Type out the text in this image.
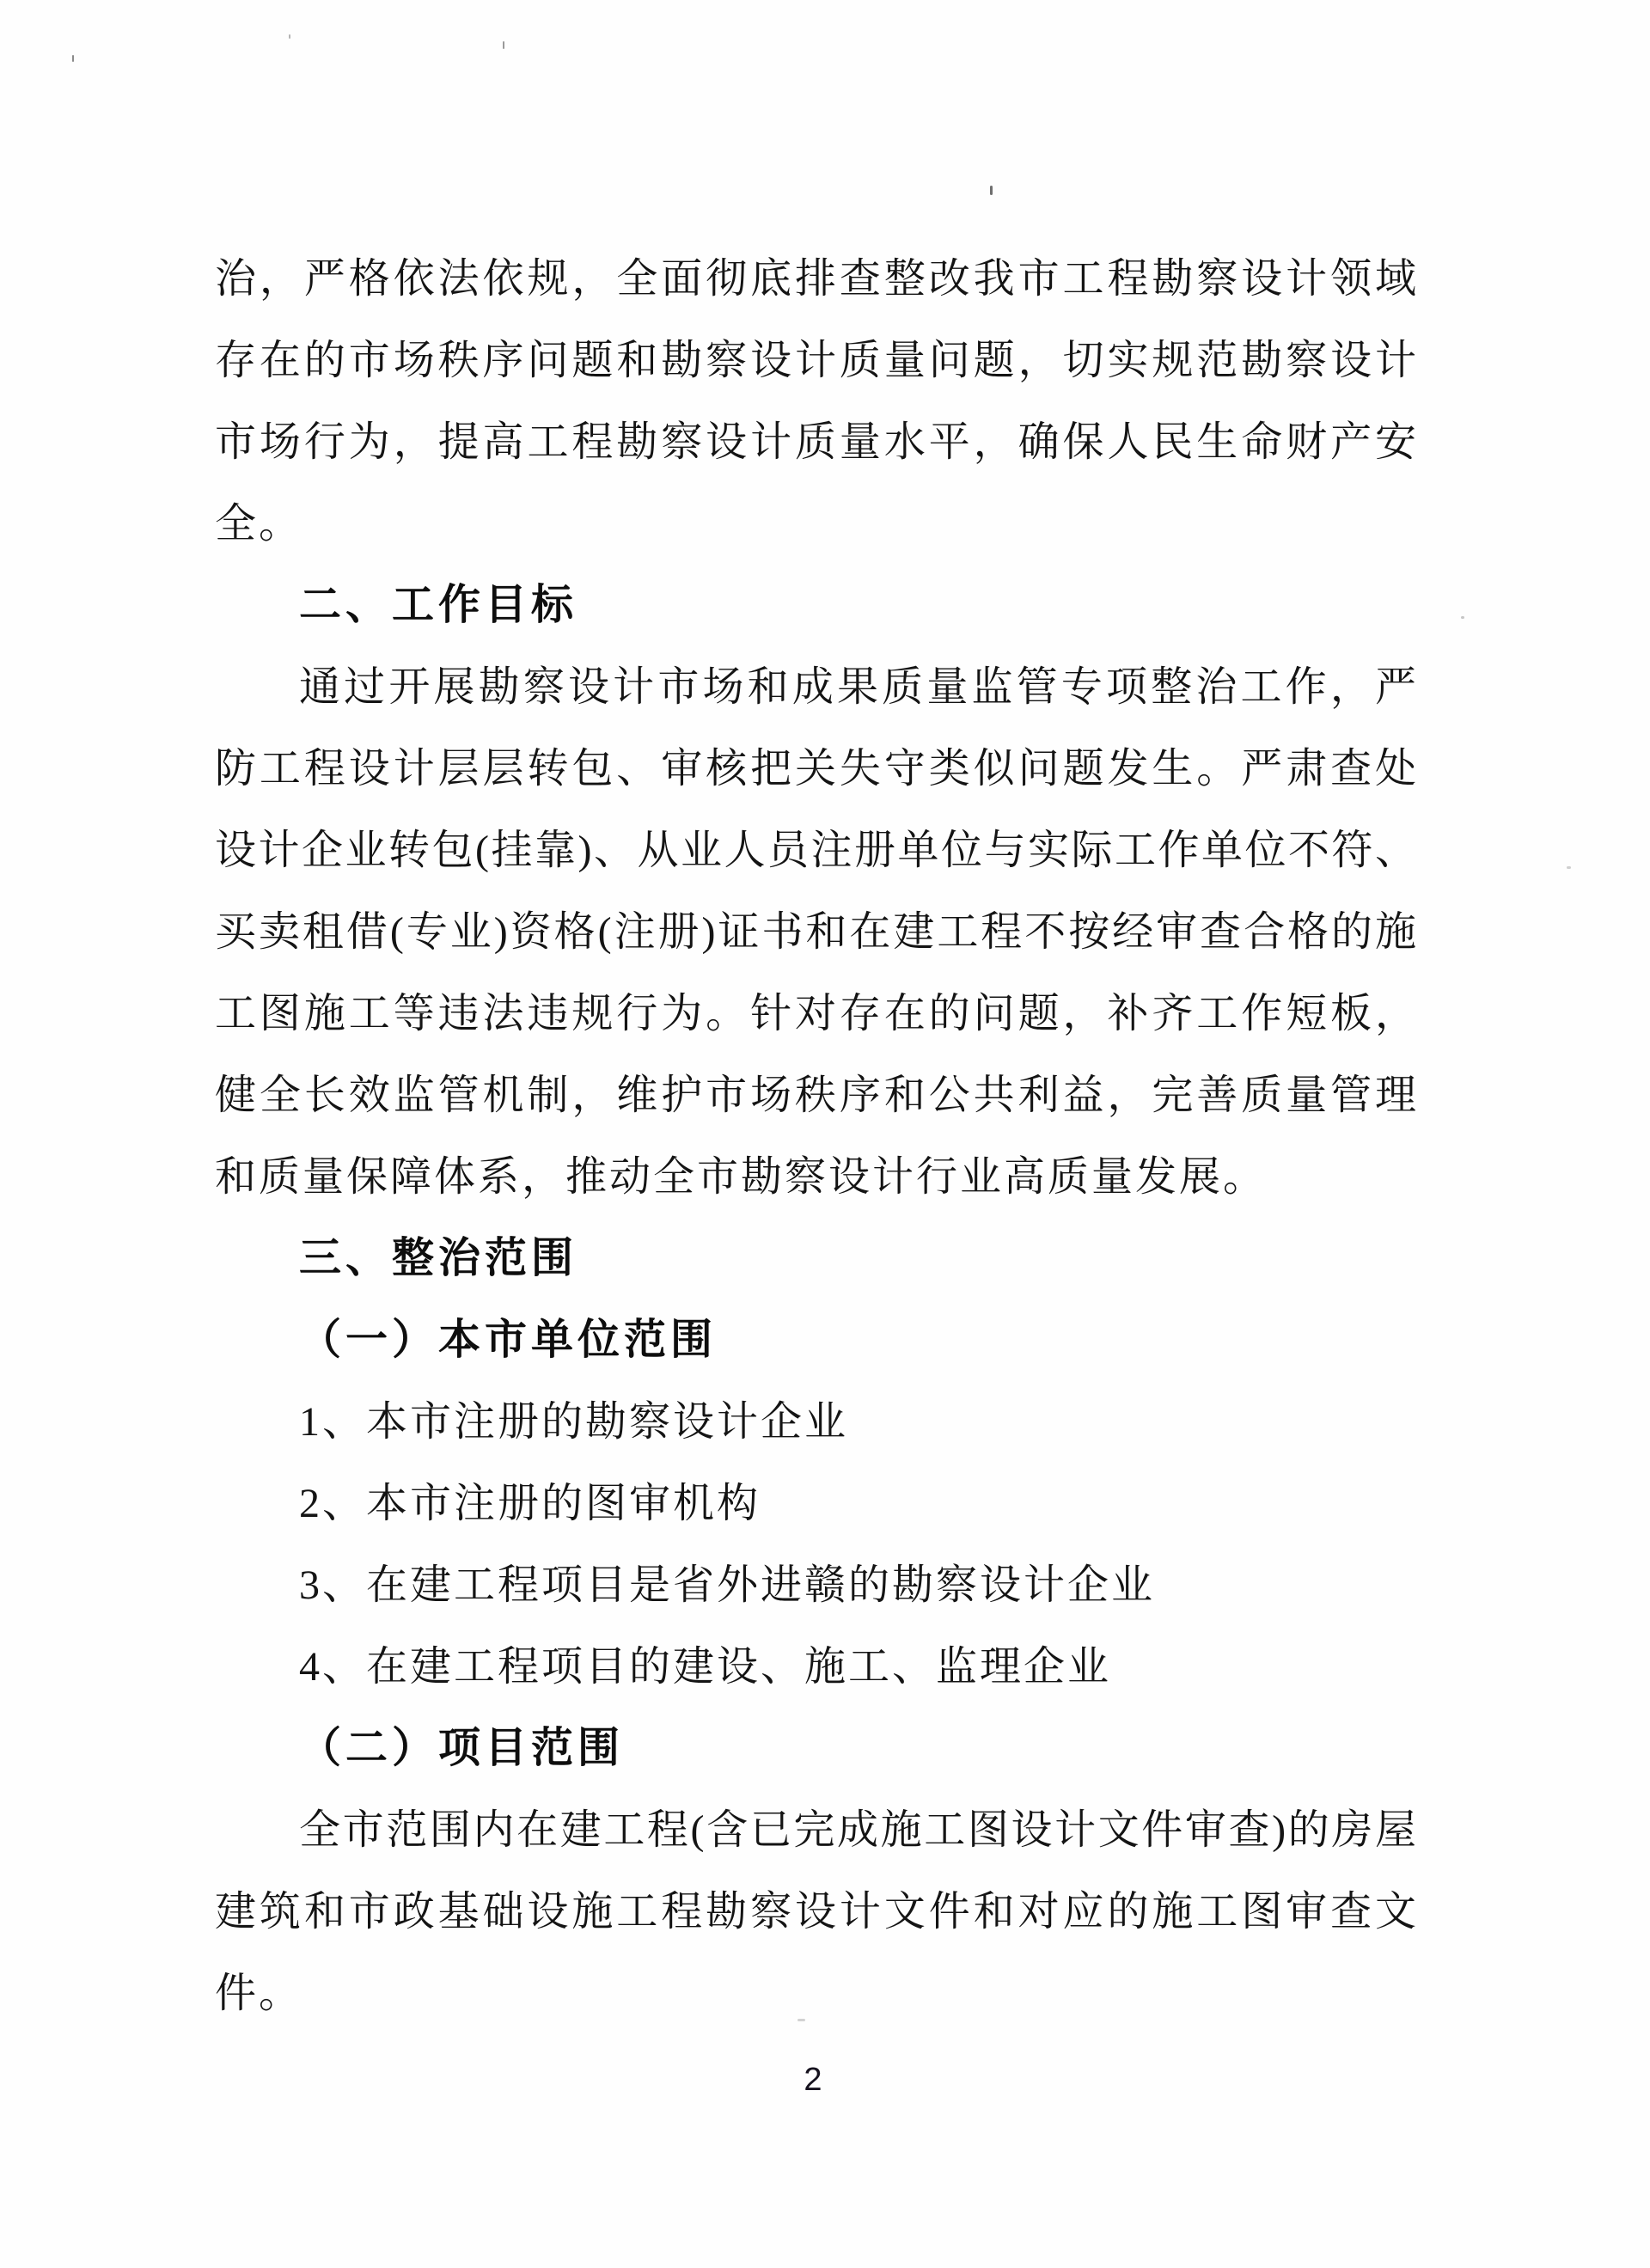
治，严格依法依规，全面彻底排查整改我市工程勘察设计领域
存在的市场秩序问题和勘察设计质量问题，切实规范勘察设计
市场行为，提高工程勘察设计质量水平，确保人民生命财产安
全。
二、工作目标
通过开展勘察设计市场和成果质量监管专项整治工作，严
防工程设计层层转包、审核把关失守类似问题发生。严肃查处
设计企业转包(挂靠)、从业人员注册单位与实际工作单位不符、
买卖租借(专业)资格(注册)证书和在建工程不按经审查合格的施
工图施工等违法违规行为。针对存在的问题，补齐工作短板，
健全长效监管机制，维护市场秩序和公共利益，完善质量管理
和质量保障体系，推动全市勘察设计行业高质量发展。
三、整治范围
（一）本市单位范围
1、本市注册的勘察设计企业
2、本市注册的图审机构
3、在建工程项目是省外进赣的勘察设计企业
4、在建工程项目的建设、施工、监理企业
（二）项目范围
全市范围内在建工程(含已完成施工图设计文件审查)的房屋
建筑和市政基础设施工程勘察设计文件和对应的施工图审查文
件。
2
